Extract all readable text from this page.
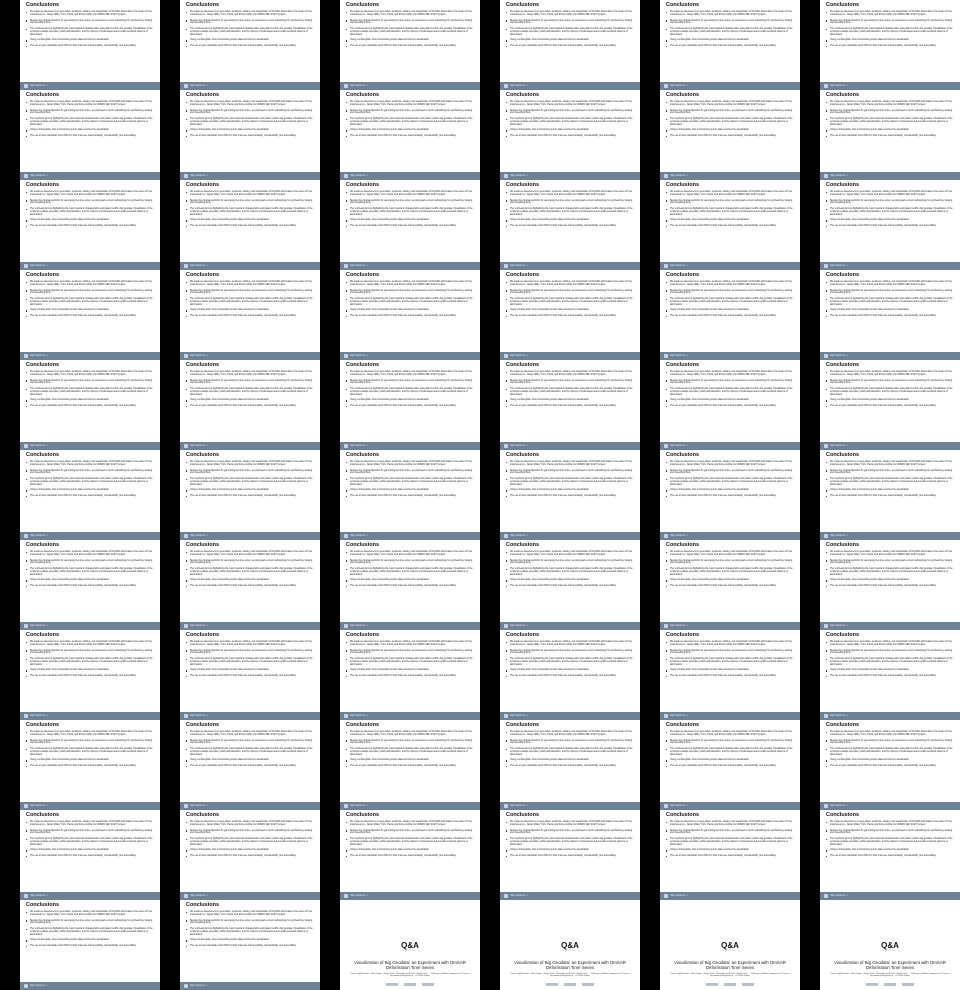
Conclusions
We made an assessment on generation, synthesis, sharing, and visualization of DInSAR deformation time series for five small areas (i.e. Nepal, Milan, Turin, Pavia, and Rome) within the URBAN SEC SAR H project.
Besides the original algorithm for generating the time series, we proposed a novel methodology for synthesizing, sharing, and visualizing them.
The synthesis aims at highlighting the most important characteristics and patterns within big geodata. Visualization of the synthesis enables scientists, public administration, and the citizens of small areas detect spatio-temporal patterns of deformation.
Using a virtual globe, thus incorporating terrain data enriches the visualization.
The use of open standards and FOSS for Web improves interoperability, reproducibility, and accessibility.
http://polimi.it/.../...
Conclusions
We made an assessment on generation, synthesis, sharing, and visualization of DInSAR deformation time series for five small areas (i.e. Nepal, Milan, Turin, Pavia, and Rome) within the URBAN SEC SAR H project.
Besides the original algorithm for generating the time series, we proposed a novel methodology for synthesizing, sharing, and visualizing them.
The synthesis aims at highlighting the most important characteristics and patterns within big geodata. Visualization of the synthesis enables scientists, public administration, and the citizens of small areas detect spatio-temporal patterns of deformation.
Using a virtual globe, thus incorporating terrain data enriches the visualization.
The use of open standards and FOSS for Web improves interoperability, reproducibility, and accessibility.
http://polimi.it/.../...
Conclusions
We made an assessment on generation, synthesis, sharing, and visualization of DInSAR deformation time series for five small areas (i.e. Nepal, Milan, Turin, Pavia, and Rome) within the URBAN SEC SAR H project.
Besides the original algorithm for generating the time series, we proposed a novel methodology for synthesizing, sharing, and visualizing them.
The synthesis aims at highlighting the most important characteristics and patterns within big geodata. Visualization of the synthesis enables scientists, public administration, and the citizens of small areas detect spatio-temporal patterns of deformation.
Using a virtual globe, thus incorporating terrain data enriches the visualization.
The use of open standards and FOSS for Web improves interoperability, reproducibility, and accessibility.
http://polimi.it/.../...
Conclusions
We made an assessment on generation, synthesis, sharing, and visualization of DInSAR deformation time series for five small areas (i.e. Nepal, Milan, Turin, Pavia, and Rome) within the URBAN SEC SAR H project.
Besides the original algorithm for generating the time series, we proposed a novel methodology for synthesizing, sharing, and visualizing them.
The synthesis aims at highlighting the most important characteristics and patterns within big geodata. Visualization of the synthesis enables scientists, public administration, and the citizens of small areas detect spatio-temporal patterns of deformation.
Using a virtual globe, thus incorporating terrain data enriches the visualization.
The use of open standards and FOSS for Web improves interoperability, reproducibility, and accessibility.
http://polimi.it/.../...
Conclusions
We made an assessment on generation, synthesis, sharing, and visualization of DInSAR deformation time series for five small areas (i.e. Nepal, Milan, Turin, Pavia, and Rome) within the URBAN SEC SAR H project.
Besides the original algorithm for generating the time series, we proposed a novel methodology for synthesizing, sharing, and visualizing them.
The synthesis aims at highlighting the most important characteristics and patterns within big geodata. Visualization of the synthesis enables scientists, public administration, and the citizens of small areas detect spatio-temporal patterns of deformation.
Using a virtual globe, thus incorporating terrain data enriches the visualization.
The use of open standards and FOSS for Web improves interoperability, reproducibility, and accessibility.
http://polimi.it/.../...
Conclusions
We made an assessment on generation, synthesis, sharing, and visualization of DInSAR deformation time series for five small areas (i.e. Nepal, Milan, Turin, Pavia, and Rome) within the URBAN SEC SAR H project.
Besides the original algorithm for generating the time series, we proposed a novel methodology for synthesizing, sharing, and visualizing them.
The synthesis aims at highlighting the most important characteristics and patterns within big geodata. Visualization of the synthesis enables scientists, public administration, and the citizens of small areas detect spatio-temporal patterns of deformation.
Using a virtual globe, thus incorporating terrain data enriches the visualization.
The use of open standards and FOSS for Web improves interoperability, reproducibility, and accessibility.
http://polimi.it/.../...
Conclusions
We made an assessment on generation, synthesis, sharing, and visualization of DInSAR deformation time series for five small areas (i.e. Nepal, Milan, Turin, Pavia, and Rome) within the URBAN SEC SAR H project.
Besides the original algorithm for generating the time series, we proposed a novel methodology for synthesizing, sharing, and visualizing them.
The synthesis aims at highlighting the most important characteristics and patterns within big geodata. Visualization of the synthesis enables scientists, public administration, and the citizens of small areas detect spatio-temporal patterns of deformation.
Using a virtual globe, thus incorporating terrain data enriches the visualization.
The use of open standards and FOSS for Web improves interoperability, reproducibility, and accessibility.
http://polimi.it/.../...
Conclusions
We made an assessment on generation, synthesis, sharing, and visualization of DInSAR deformation time series for five small areas (i.e. Nepal, Milan, Turin, Pavia, and Rome) within the URBAN SEC SAR H project.
Besides the original algorithm for generating the time series, we proposed a novel methodology for synthesizing, sharing, and visualizing them.
The synthesis aims at highlighting the most important characteristics and patterns within big geodata. Visualization of the synthesis enables scientists, public administration, and the citizens of small areas detect spatio-temporal patterns of deformation.
Using a virtual globe, thus incorporating terrain data enriches the visualization.
The use of open standards and FOSS for Web improves interoperability, reproducibility, and accessibility.
http://polimi.it/.../...
Conclusions
We made an assessment on generation, synthesis, sharing, and visualization of DInSAR deformation time series for five small areas (i.e. Nepal, Milan, Turin, Pavia, and Rome) within the URBAN SEC SAR H project.
Besides the original algorithm for generating the time series, we proposed a novel methodology for synthesizing, sharing, and visualizing them.
The synthesis aims at highlighting the most important characteristics and patterns within big geodata. Visualization of the synthesis enables scientists, public administration, and the citizens of small areas detect spatio-temporal patterns of deformation.
Using a virtual globe, thus incorporating terrain data enriches the visualization.
The use of open standards and FOSS for Web improves interoperability, reproducibility, and accessibility.
http://polimi.it/.../...
Conclusions
We made an assessment on generation, synthesis, sharing, and visualization of DInSAR deformation time series for five small areas (i.e. Nepal, Milan, Turin, Pavia, and Rome) within the URBAN SEC SAR H project.
Besides the original algorithm for generating the time series, we proposed a novel methodology for synthesizing, sharing, and visualizing them.
The synthesis aims at highlighting the most important characteristics and patterns within big geodata. Visualization of the synthesis enables scientists, public administration, and the citizens of small areas detect spatio-temporal patterns of deformation.
Using a virtual globe, thus incorporating terrain data enriches the visualization.
The use of open standards and FOSS for Web improves interoperability, reproducibility, and accessibility.
http://polimi.it/.../...
Conclusions
We made an assessment on generation, synthesis, sharing, and visualization of DInSAR deformation time series for five small areas (i.e. Nepal, Milan, Turin, Pavia, and Rome) within the URBAN SEC SAR H project.
Besides the original algorithm for generating the time series, we proposed a novel methodology for synthesizing, sharing, and visualizing them.
The synthesis aims at highlighting the most important characteristics and patterns within big geodata. Visualization of the synthesis enables scientists, public administration, and the citizens of small areas detect spatio-temporal patterns of deformation.
Using a virtual globe, thus incorporating terrain data enriches the visualization.
The use of open standards and FOSS for Web improves interoperability, reproducibility, and accessibility.
http://polimi.it/.../...
Conclusions
We made an assessment on generation, synthesis, sharing, and visualization of DInSAR deformation time series for five small areas (i.e. Nepal, Milan, Turin, Pavia, and Rome) within the URBAN SEC SAR H project.
Besides the original algorithm for generating the time series, we proposed a novel methodology for synthesizing, sharing, and visualizing them.
The synthesis aims at highlighting the most important characteristics and patterns within big geodata. Visualization of the synthesis enables scientists, public administration, and the citizens of small areas detect spatio-temporal patterns of deformation.
Using a virtual globe, thus incorporating terrain data enriches the visualization.
The use of open standards and FOSS for Web improves interoperability, reproducibility, and accessibility.
http://polimi.it/.../...
Conclusions
We made an assessment on generation, synthesis, sharing, and visualization of DInSAR deformation time series for five small areas (i.e. Nepal, Milan, Turin, Pavia, and Rome) within the URBAN SEC SAR H project.
Besides the original algorithm for generating the time series, we proposed a novel methodology for synthesizing, sharing, and visualizing them.
The synthesis aims at highlighting the most important characteristics and patterns within big geodata. Visualization of the synthesis enables scientists, public administration, and the citizens of small areas detect spatio-temporal patterns of deformation.
Using a virtual globe, thus incorporating terrain data enriches the visualization.
The use of open standards and FOSS for Web improves interoperability, reproducibility, and accessibility.
http://polimi.it/.../...
Conclusions
We made an assessment on generation, synthesis, sharing, and visualization of DInSAR deformation time series for five small areas (i.e. Nepal, Milan, Turin, Pavia, and Rome) within the URBAN SEC SAR H project.
Besides the original algorithm for generating the time series, we proposed a novel methodology for synthesizing, sharing, and visualizing them.
The synthesis aims at highlighting the most important characteristics and patterns within big geodata. Visualization of the synthesis enables scientists, public administration, and the citizens of small areas detect spatio-temporal patterns of deformation.
Using a virtual globe, thus incorporating terrain data enriches the visualization.
The use of open standards and FOSS for Web improves interoperability, reproducibility, and accessibility.
http://polimi.it/.../...
Conclusions
We made an assessment on generation, synthesis, sharing, and visualization of DInSAR deformation time series for five small areas (i.e. Nepal, Milan, Turin, Pavia, and Rome) within the URBAN SEC SAR H project.
Besides the original algorithm for generating the time series, we proposed a novel methodology for synthesizing, sharing, and visualizing them.
The synthesis aims at highlighting the most important characteristics and patterns within big geodata. Visualization of the synthesis enables scientists, public administration, and the citizens of small areas detect spatio-temporal patterns of deformation.
Using a virtual globe, thus incorporating terrain data enriches the visualization.
The use of open standards and FOSS for Web improves interoperability, reproducibility, and accessibility.
http://polimi.it/.../...
Conclusions
We made an assessment on generation, synthesis, sharing, and visualization of DInSAR deformation time series for five small areas (i.e. Nepal, Milan, Turin, Pavia, and Rome) within the URBAN SEC SAR H project.
Besides the original algorithm for generating the time series, we proposed a novel methodology for synthesizing, sharing, and visualizing them.
The synthesis aims at highlighting the most important characteristics and patterns within big geodata. Visualization of the synthesis enables scientists, public administration, and the citizens of small areas detect spatio-temporal patterns of deformation.
Using a virtual globe, thus incorporating terrain data enriches the visualization.
The use of open standards and FOSS for Web improves interoperability, reproducibility, and accessibility.
http://polimi.it/.../...
Conclusions
We made an assessment on generation, synthesis, sharing, and visualization of DInSAR deformation time series for five small areas (i.e. Nepal, Milan, Turin, Pavia, and Rome) within the URBAN SEC SAR H project.
Besides the original algorithm for generating the time series, we proposed a novel methodology for synthesizing, sharing, and visualizing them.
The synthesis aims at highlighting the most important characteristics and patterns within big geodata. Visualization of the synthesis enables scientists, public administration, and the citizens of small areas detect spatio-temporal patterns of deformation.
Using a virtual globe, thus incorporating terrain data enriches the visualization.
The use of open standards and FOSS for Web improves interoperability, reproducibility, and accessibility.
http://polimi.it/.../...
Conclusions
We made an assessment on generation, synthesis, sharing, and visualization of DInSAR deformation time series for five small areas (i.e. Nepal, Milan, Turin, Pavia, and Rome) within the URBAN SEC SAR H project.
Besides the original algorithm for generating the time series, we proposed a novel methodology for synthesizing, sharing, and visualizing them.
The synthesis aims at highlighting the most important characteristics and patterns within big geodata. Visualization of the synthesis enables scientists, public administration, and the citizens of small areas detect spatio-temporal patterns of deformation.
Using a virtual globe, thus incorporating terrain data enriches the visualization.
The use of open standards and FOSS for Web improves interoperability, reproducibility, and accessibility.
http://polimi.it/.../...
Conclusions
We made an assessment on generation, synthesis, sharing, and visualization of DInSAR deformation time series for five small areas (i.e. Nepal, Milan, Turin, Pavia, and Rome) within the URBAN SEC SAR H project.
Besides the original algorithm for generating the time series, we proposed a novel methodology for synthesizing, sharing, and visualizing them.
The synthesis aims at highlighting the most important characteristics and patterns within big geodata. Visualization of the synthesis enables scientists, public administration, and the citizens of small areas detect spatio-temporal patterns of deformation.
Using a virtual globe, thus incorporating terrain data enriches the visualization.
The use of open standards and FOSS for Web improves interoperability, reproducibility, and accessibility.
http://polimi.it/.../...
Conclusions
We made an assessment on generation, synthesis, sharing, and visualization of DInSAR deformation time series for five small areas (i.e. Nepal, Milan, Turin, Pavia, and Rome) within the URBAN SEC SAR H project.
Besides the original algorithm for generating the time series, we proposed a novel methodology for synthesizing, sharing, and visualizing them.
The synthesis aims at highlighting the most important characteristics and patterns within big geodata. Visualization of the synthesis enables scientists, public administration, and the citizens of small areas detect spatio-temporal patterns of deformation.
Using a virtual globe, thus incorporating terrain data enriches the visualization.
The use of open standards and FOSS for Web improves interoperability, reproducibility, and accessibility.
http://polimi.it/.../...
Conclusions
We made an assessment on generation, synthesis, sharing, and visualization of DInSAR deformation time series for five small areas (i.e. Nepal, Milan, Turin, Pavia, and Rome) within the URBAN SEC SAR H project.
Besides the original algorithm for generating the time series, we proposed a novel methodology for synthesizing, sharing, and visualizing them.
The synthesis aims at highlighting the most important characteristics and patterns within big geodata. Visualization of the synthesis enables scientists, public administration, and the citizens of small areas detect spatio-temporal patterns of deformation.
Using a virtual globe, thus incorporating terrain data enriches the visualization.
The use of open standards and FOSS for Web improves interoperability, reproducibility, and accessibility.
http://polimi.it/.../...
Conclusions
We made an assessment on generation, synthesis, sharing, and visualization of DInSAR deformation time series for five small areas (i.e. Nepal, Milan, Turin, Pavia, and Rome) within the URBAN SEC SAR H project.
Besides the original algorithm for generating the time series, we proposed a novel methodology for synthesizing, sharing, and visualizing them.
The synthesis aims at highlighting the most important characteristics and patterns within big geodata. Visualization of the synthesis enables scientists, public administration, and the citizens of small areas detect spatio-temporal patterns of deformation.
Using a virtual globe, thus incorporating terrain data enriches the visualization.
The use of open standards and FOSS for Web improves interoperability, reproducibility, and accessibility.
http://polimi.it/.../...
Conclusions
We made an assessment on generation, synthesis, sharing, and visualization of DInSAR deformation time series for five small areas (i.e. Nepal, Milan, Turin, Pavia, and Rome) within the URBAN SEC SAR H project.
Besides the original algorithm for generating the time series, we proposed a novel methodology for synthesizing, sharing, and visualizing them.
The synthesis aims at highlighting the most important characteristics and patterns within big geodata. Visualization of the synthesis enables scientists, public administration, and the citizens of small areas detect spatio-temporal patterns of deformation.
Using a virtual globe, thus incorporating terrain data enriches the visualization.
The use of open standards and FOSS for Web improves interoperability, reproducibility, and accessibility.
http://polimi.it/.../...
Conclusions
We made an assessment on generation, synthesis, sharing, and visualization of DInSAR deformation time series for five small areas (i.e. Nepal, Milan, Turin, Pavia, and Rome) within the URBAN SEC SAR H project.
Besides the original algorithm for generating the time series, we proposed a novel methodology for synthesizing, sharing, and visualizing them.
The synthesis aims at highlighting the most important characteristics and patterns within big geodata. Visualization of the synthesis enables scientists, public administration, and the citizens of small areas detect spatio-temporal patterns of deformation.
Using a virtual globe, thus incorporating terrain data enriches the visualization.
The use of open standards and FOSS for Web improves interoperability, reproducibility, and accessibility.
http://polimi.it/.../...
Conclusions
We made an assessment on generation, synthesis, sharing, and visualization of DInSAR deformation time series for five small areas (i.e. Nepal, Milan, Turin, Pavia, and Rome) within the URBAN SEC SAR H project.
Besides the original algorithm for generating the time series, we proposed a novel methodology for synthesizing, sharing, and visualizing them.
The synthesis aims at highlighting the most important characteristics and patterns within big geodata. Visualization of the synthesis enables scientists, public administration, and the citizens of small areas detect spatio-temporal patterns of deformation.
Using a virtual globe, thus incorporating terrain data enriches the visualization.
The use of open standards and FOSS for Web improves interoperability, reproducibility, and accessibility.
http://polimi.it/.../...
Conclusions
We made an assessment on generation, synthesis, sharing, and visualization of DInSAR deformation time series for five small areas (i.e. Nepal, Milan, Turin, Pavia, and Rome) within the URBAN SEC SAR H project.
Besides the original algorithm for generating the time series, we proposed a novel methodology for synthesizing, sharing, and visualizing them.
The synthesis aims at highlighting the most important characteristics and patterns within big geodata. Visualization of the synthesis enables scientists, public administration, and the citizens of small areas detect spatio-temporal patterns of deformation.
Using a virtual globe, thus incorporating terrain data enriches the visualization.
The use of open standards and FOSS for Web improves interoperability, reproducibility, and accessibility.
http://polimi.it/.../...
Conclusions
We made an assessment on generation, synthesis, sharing, and visualization of DInSAR deformation time series for five small areas (i.e. Nepal, Milan, Turin, Pavia, and Rome) within the URBAN SEC SAR H project.
Besides the original algorithm for generating the time series, we proposed a novel methodology for synthesizing, sharing, and visualizing them.
The synthesis aims at highlighting the most important characteristics and patterns within big geodata. Visualization of the synthesis enables scientists, public administration, and the citizens of small areas detect spatio-temporal patterns of deformation.
Using a virtual globe, thus incorporating terrain data enriches the visualization.
The use of open standards and FOSS for Web improves interoperability, reproducibility, and accessibility.
http://polimi.it/.../...
Conclusions
We made an assessment on generation, synthesis, sharing, and visualization of DInSAR deformation time series for five small areas (i.e. Nepal, Milan, Turin, Pavia, and Rome) within the URBAN SEC SAR H project.
Besides the original algorithm for generating the time series, we proposed a novel methodology for synthesizing, sharing, and visualizing them.
The synthesis aims at highlighting the most important characteristics and patterns within big geodata. Visualization of the synthesis enables scientists, public administration, and the citizens of small areas detect spatio-temporal patterns of deformation.
Using a virtual globe, thus incorporating terrain data enriches the visualization.
The use of open standards and FOSS for Web improves interoperability, reproducibility, and accessibility.
http://polimi.it/.../...
Conclusions
We made an assessment on generation, synthesis, sharing, and visualization of DInSAR deformation time series for five small areas (i.e. Nepal, Milan, Turin, Pavia, and Rome) within the URBAN SEC SAR H project.
Besides the original algorithm for generating the time series, we proposed a novel methodology for synthesizing, sharing, and visualizing them.
The synthesis aims at highlighting the most important characteristics and patterns within big geodata. Visualization of the synthesis enables scientists, public administration, and the citizens of small areas detect spatio-temporal patterns of deformation.
Using a virtual globe, thus incorporating terrain data enriches the visualization.
The use of open standards and FOSS for Web improves interoperability, reproducibility, and accessibility.
http://polimi.it/.../...
Conclusions
We made an assessment on generation, synthesis, sharing, and visualization of DInSAR deformation time series for five small areas (i.e. Nepal, Milan, Turin, Pavia, and Rome) within the URBAN SEC SAR H project.
Besides the original algorithm for generating the time series, we proposed a novel methodology for synthesizing, sharing, and visualizing them.
The synthesis aims at highlighting the most important characteristics and patterns within big geodata. Visualization of the synthesis enables scientists, public administration, and the citizens of small areas detect spatio-temporal patterns of deformation.
Using a virtual globe, thus incorporating terrain data enriches the visualization.
The use of open standards and FOSS for Web improves interoperability, reproducibility, and accessibility.
http://polimi.it/.../...
Conclusions
We made an assessment on generation, synthesis, sharing, and visualization of DInSAR deformation time series for five small areas (i.e. Nepal, Milan, Turin, Pavia, and Rome) within the URBAN SEC SAR H project.
Besides the original algorithm for generating the time series, we proposed a novel methodology for synthesizing, sharing, and visualizing them.
The synthesis aims at highlighting the most important characteristics and patterns within big geodata. Visualization of the synthesis enables scientists, public administration, and the citizens of small areas detect spatio-temporal patterns of deformation.
Using a virtual globe, thus incorporating terrain data enriches the visualization.
The use of open standards and FOSS for Web improves interoperability, reproducibility, and accessibility.
http://polimi.it/.../...
Conclusions
We made an assessment on generation, synthesis, sharing, and visualization of DInSAR deformation time series for five small areas (i.e. Nepal, Milan, Turin, Pavia, and Rome) within the URBAN SEC SAR H project.
Besides the original algorithm for generating the time series, we proposed a novel methodology for synthesizing, sharing, and visualizing them.
The synthesis aims at highlighting the most important characteristics and patterns within big geodata. Visualization of the synthesis enables scientists, public administration, and the citizens of small areas detect spatio-temporal patterns of deformation.
Using a virtual globe, thus incorporating terrain data enriches the visualization.
The use of open standards and FOSS for Web improves interoperability, reproducibility, and accessibility.
http://polimi.it/.../...
Conclusions
We made an assessment on generation, synthesis, sharing, and visualization of DInSAR deformation time series for five small areas (i.e. Nepal, Milan, Turin, Pavia, and Rome) within the URBAN SEC SAR H project.
Besides the original algorithm for generating the time series, we proposed a novel methodology for synthesizing, sharing, and visualizing them.
The synthesis aims at highlighting the most important characteristics and patterns within big geodata. Visualization of the synthesis enables scientists, public administration, and the citizens of small areas detect spatio-temporal patterns of deformation.
Using a virtual globe, thus incorporating terrain data enriches the visualization.
The use of open standards and FOSS for Web improves interoperability, reproducibility, and accessibility.
http://polimi.it/.../...
Conclusions
We made an assessment on generation, synthesis, sharing, and visualization of DInSAR deformation time series for five small areas (i.e. Nepal, Milan, Turin, Pavia, and Rome) within the URBAN SEC SAR H project.
Besides the original algorithm for generating the time series, we proposed a novel methodology for synthesizing, sharing, and visualizing them.
The synthesis aims at highlighting the most important characteristics and patterns within big geodata. Visualization of the synthesis enables scientists, public administration, and the citizens of small areas detect spatio-temporal patterns of deformation.
Using a virtual globe, thus incorporating terrain data enriches the visualization.
The use of open standards and FOSS for Web improves interoperability, reproducibility, and accessibility.
http://polimi.it/.../...
Conclusions
We made an assessment on generation, synthesis, sharing, and visualization of DInSAR deformation time series for five small areas (i.e. Nepal, Milan, Turin, Pavia, and Rome) within the URBAN SEC SAR H project.
Besides the original algorithm for generating the time series, we proposed a novel methodology for synthesizing, sharing, and visualizing them.
The synthesis aims at highlighting the most important characteristics and patterns within big geodata. Visualization of the synthesis enables scientists, public administration, and the citizens of small areas detect spatio-temporal patterns of deformation.
Using a virtual globe, thus incorporating terrain data enriches the visualization.
The use of open standards and FOSS for Web improves interoperability, reproducibility, and accessibility.
http://polimi.it/.../...
Conclusions
We made an assessment on generation, synthesis, sharing, and visualization of DInSAR deformation time series for five small areas (i.e. Nepal, Milan, Turin, Pavia, and Rome) within the URBAN SEC SAR H project.
Besides the original algorithm for generating the time series, we proposed a novel methodology for synthesizing, sharing, and visualizing them.
The synthesis aims at highlighting the most important characteristics and patterns within big geodata. Visualization of the synthesis enables scientists, public administration, and the citizens of small areas detect spatio-temporal patterns of deformation.
Using a virtual globe, thus incorporating terrain data enriches the visualization.
The use of open standards and FOSS for Web improves interoperability, reproducibility, and accessibility.
http://polimi.it/.../...
Conclusions
We made an assessment on generation, synthesis, sharing, and visualization of DInSAR deformation time series for five small areas (i.e. Nepal, Milan, Turin, Pavia, and Rome) within the URBAN SEC SAR H project.
Besides the original algorithm for generating the time series, we proposed a novel methodology for synthesizing, sharing, and visualizing them.
The synthesis aims at highlighting the most important characteristics and patterns within big geodata. Visualization of the synthesis enables scientists, public administration, and the citizens of small areas detect spatio-temporal patterns of deformation.
Using a virtual globe, thus incorporating terrain data enriches the visualization.
The use of open standards and FOSS for Web improves interoperability, reproducibility, and accessibility.
http://polimi.it/.../...
Conclusions
We made an assessment on generation, synthesis, sharing, and visualization of DInSAR deformation time series for five small areas (i.e. Nepal, Milan, Turin, Pavia, and Rome) within the URBAN SEC SAR H project.
Besides the original algorithm for generating the time series, we proposed a novel methodology for synthesizing, sharing, and visualizing them.
The synthesis aims at highlighting the most important characteristics and patterns within big geodata. Visualization of the synthesis enables scientists, public administration, and the citizens of small areas detect spatio-temporal patterns of deformation.
Using a virtual globe, thus incorporating terrain data enriches the visualization.
The use of open standards and FOSS for Web improves interoperability, reproducibility, and accessibility.
http://polimi.it/.../...
Conclusions
We made an assessment on generation, synthesis, sharing, and visualization of DInSAR deformation time series for five small areas (i.e. Nepal, Milan, Turin, Pavia, and Rome) within the URBAN SEC SAR H project.
Besides the original algorithm for generating the time series, we proposed a novel methodology for synthesizing, sharing, and visualizing them.
The synthesis aims at highlighting the most important characteristics and patterns within big geodata. Visualization of the synthesis enables scientists, public administration, and the citizens of small areas detect spatio-temporal patterns of deformation.
Using a virtual globe, thus incorporating terrain data enriches the visualization.
The use of open standards and FOSS for Web improves interoperability, reproducibility, and accessibility.
http://polimi.it/.../...
Conclusions
We made an assessment on generation, synthesis, sharing, and visualization of DInSAR deformation time series for five small areas (i.e. Nepal, Milan, Turin, Pavia, and Rome) within the URBAN SEC SAR H project.
Besides the original algorithm for generating the time series, we proposed a novel methodology for synthesizing, sharing, and visualizing them.
The synthesis aims at highlighting the most important characteristics and patterns within big geodata. Visualization of the synthesis enables scientists, public administration, and the citizens of small areas detect spatio-temporal patterns of deformation.
Using a virtual globe, thus incorporating terrain data enriches the visualization.
The use of open standards and FOSS for Web improves interoperability, reproducibility, and accessibility.
http://polimi.it/.../...
Conclusions
We made an assessment on generation, synthesis, sharing, and visualization of DInSAR deformation time series for five small areas (i.e. Nepal, Milan, Turin, Pavia, and Rome) within the URBAN SEC SAR H project.
Besides the original algorithm for generating the time series, we proposed a novel methodology for synthesizing, sharing, and visualizing them.
The synthesis aims at highlighting the most important characteristics and patterns within big geodata. Visualization of the synthesis enables scientists, public administration, and the citizens of small areas detect spatio-temporal patterns of deformation.
Using a virtual globe, thus incorporating terrain data enriches the visualization.
The use of open standards and FOSS for Web improves interoperability, reproducibility, and accessibility.
http://polimi.it/.../...
Conclusions
We made an assessment on generation, synthesis, sharing, and visualization of DInSAR deformation time series for five small areas (i.e. Nepal, Milan, Turin, Pavia, and Rome) within the URBAN SEC SAR H project.
Besides the original algorithm for generating the time series, we proposed a novel methodology for synthesizing, sharing, and visualizing them.
The synthesis aims at highlighting the most important characteristics and patterns within big geodata. Visualization of the synthesis enables scientists, public administration, and the citizens of small areas detect spatio-temporal patterns of deformation.
Using a virtual globe, thus incorporating terrain data enriches the visualization.
The use of open standards and FOSS for Web improves interoperability, reproducibility, and accessibility.
http://polimi.it/.../...
Conclusions
We made an assessment on generation, synthesis, sharing, and visualization of DInSAR deformation time series for five small areas (i.e. Nepal, Milan, Turin, Pavia, and Rome) within the URBAN SEC SAR H project.
Besides the original algorithm for generating the time series, we proposed a novel methodology for synthesizing, sharing, and visualizing them.
The synthesis aims at highlighting the most important characteristics and patterns within big geodata. Visualization of the synthesis enables scientists, public administration, and the citizens of small areas detect spatio-temporal patterns of deformation.
Using a virtual globe, thus incorporating terrain data enriches the visualization.
The use of open standards and FOSS for Web improves interoperability, reproducibility, and accessibility.
http://polimi.it/.../...
Conclusions
We made an assessment on generation, synthesis, sharing, and visualization of DInSAR deformation time series for five small areas (i.e. Nepal, Milan, Turin, Pavia, and Rome) within the URBAN SEC SAR H project.
Besides the original algorithm for generating the time series, we proposed a novel methodology for synthesizing, sharing, and visualizing them.
The synthesis aims at highlighting the most important characteristics and patterns within big geodata. Visualization of the synthesis enables scientists, public administration, and the citizens of small areas detect spatio-temporal patterns of deformation.
Using a virtual globe, thus incorporating terrain data enriches the visualization.
The use of open standards and FOSS for Web improves interoperability, reproducibility, and accessibility.
http://polimi.it/.../...
Conclusions
We made an assessment on generation, synthesis, sharing, and visualization of DInSAR deformation time series for five small areas (i.e. Nepal, Milan, Turin, Pavia, and Rome) within the URBAN SEC SAR H project.
Besides the original algorithm for generating the time series, we proposed a novel methodology for synthesizing, sharing, and visualizing them.
The synthesis aims at highlighting the most important characteristics and patterns within big geodata. Visualization of the synthesis enables scientists, public administration, and the citizens of small areas detect spatio-temporal patterns of deformation.
Using a virtual globe, thus incorporating terrain data enriches the visualization.
The use of open standards and FOSS for Web improves interoperability, reproducibility, and accessibility.
http://polimi.it/.../...
Conclusions
We made an assessment on generation, synthesis, sharing, and visualization of DInSAR deformation time series for five small areas (i.e. Nepal, Milan, Turin, Pavia, and Rome) within the URBAN SEC SAR H project.
Besides the original algorithm for generating the time series, we proposed a novel methodology for synthesizing, sharing, and visualizing them.
The synthesis aims at highlighting the most important characteristics and patterns within big geodata. Visualization of the synthesis enables scientists, public administration, and the citizens of small areas detect spatio-temporal patterns of deformation.
Using a virtual globe, thus incorporating terrain data enriches the visualization.
The use of open standards and FOSS for Web improves interoperability, reproducibility, and accessibility.
http://polimi.it/.../...
Conclusions
We made an assessment on generation, synthesis, sharing, and visualization of DInSAR deformation time series for five small areas (i.e. Nepal, Milan, Turin, Pavia, and Rome) within the URBAN SEC SAR H project.
Besides the original algorithm for generating the time series, we proposed a novel methodology for synthesizing, sharing, and visualizing them.
The synthesis aims at highlighting the most important characteristics and patterns within big geodata. Visualization of the synthesis enables scientists, public administration, and the citizens of small areas detect spatio-temporal patterns of deformation.
Using a virtual globe, thus incorporating terrain data enriches the visualization.
The use of open standards and FOSS for Web improves interoperability, reproducibility, and accessibility.
http://polimi.it/.../...
Conclusions
We made an assessment on generation, synthesis, sharing, and visualization of DInSAR deformation time series for five small areas (i.e. Nepal, Milan, Turin, Pavia, and Rome) within the URBAN SEC SAR H project.
Besides the original algorithm for generating the time series, we proposed a novel methodology for synthesizing, sharing, and visualizing them.
The synthesis aims at highlighting the most important characteristics and patterns within big geodata. Visualization of the synthesis enables scientists, public administration, and the citizens of small areas detect spatio-temporal patterns of deformation.
Using a virtual globe, thus incorporating terrain data enriches the visualization.
The use of open standards and FOSS for Web improves interoperability, reproducibility, and accessibility.
http://polimi.it/.../...
Conclusions
We made an assessment on generation, synthesis, sharing, and visualization of DInSAR deformation time series for five small areas (i.e. Nepal, Milan, Turin, Pavia, and Rome) within the URBAN SEC SAR H project.
Besides the original algorithm for generating the time series, we proposed a novel methodology for synthesizing, sharing, and visualizing them.
The synthesis aims at highlighting the most important characteristics and patterns within big geodata. Visualization of the synthesis enables scientists, public administration, and the citizens of small areas detect spatio-temporal patterns of deformation.
Using a virtual globe, thus incorporating terrain data enriches the visualization.
The use of open standards and FOSS for Web improves interoperability, reproducibility, and accessibility.
http://polimi.it/.../...
Conclusions
We made an assessment on generation, synthesis, sharing, and visualization of DInSAR deformation time series for five small areas (i.e. Nepal, Milan, Turin, Pavia, and Rome) within the URBAN SEC SAR H project.
Besides the original algorithm for generating the time series, we proposed a novel methodology for synthesizing, sharing, and visualizing them.
The synthesis aims at highlighting the most important characteristics and patterns within big geodata. Visualization of the synthesis enables scientists, public administration, and the citizens of small areas detect spatio-temporal patterns of deformation.
Using a virtual globe, thus incorporating terrain data enriches the visualization.
The use of open standards and FOSS for Web improves interoperability, reproducibility, and accessibility.
http://polimi.it/.../...
Conclusions
We made an assessment on generation, synthesis, sharing, and visualization of DInSAR deformation time series for five small areas (i.e. Nepal, Milan, Turin, Pavia, and Rome) within the URBAN SEC SAR H project.
Besides the original algorithm for generating the time series, we proposed a novel methodology for synthesizing, sharing, and visualizing them.
The synthesis aims at highlighting the most important characteristics and patterns within big geodata. Visualization of the synthesis enables scientists, public administration, and the citizens of small areas detect spatio-temporal patterns of deformation.
Using a virtual globe, thus incorporating terrain data enriches the visualization.
The use of open standards and FOSS for Web improves interoperability, reproducibility, and accessibility.
http://polimi.it/.../...
Conclusions
We made an assessment on generation, synthesis, sharing, and visualization of DInSAR deformation time series for five small areas (i.e. Nepal, Milan, Turin, Pavia, and Rome) within the URBAN SEC SAR H project.
Besides the original algorithm for generating the time series, we proposed a novel methodology for synthesizing, sharing, and visualizing them.
The synthesis aims at highlighting the most important characteristics and patterns within big geodata. Visualization of the synthesis enables scientists, public administration, and the citizens of small areas detect spatio-temporal patterns of deformation.
Using a virtual globe, thus incorporating terrain data enriches the visualization.
The use of open standards and FOSS for Web improves interoperability, reproducibility, and accessibility.
http://polimi.it/.../...
Conclusions
We made an assessment on generation, synthesis, sharing, and visualization of DInSAR deformation time series for five small areas (i.e. Nepal, Milan, Turin, Pavia, and Rome) within the URBAN SEC SAR H project.
Besides the original algorithm for generating the time series, we proposed a novel methodology for synthesizing, sharing, and visualizing them.
The synthesis aims at highlighting the most important characteristics and patterns within big geodata. Visualization of the synthesis enables scientists, public administration, and the citizens of small areas detect spatio-temporal patterns of deformation.
Using a virtual globe, thus incorporating terrain data enriches the visualization.
The use of open standards and FOSS for Web improves interoperability, reproducibility, and accessibility.
http://polimi.it/.../...
Conclusions
We made an assessment on generation, synthesis, sharing, and visualization of DInSAR deformation time series for five small areas (i.e. Nepal, Milan, Turin, Pavia, and Rome) within the URBAN SEC SAR H project.
Besides the original algorithm for generating the time series, we proposed a novel methodology for synthesizing, sharing, and visualizing them.
The synthesis aims at highlighting the most important characteristics and patterns within big geodata. Visualization of the synthesis enables scientists, public administration, and the citizens of small areas detect spatio-temporal patterns of deformation.
Using a virtual globe, thus incorporating terrain data enriches the visualization.
The use of open standards and FOSS for Web improves interoperability, reproducibility, and accessibility.
http://polimi.it/.../...
Conclusions
We made an assessment on generation, synthesis, sharing, and visualization of DInSAR deformation time series for five small areas (i.e. Nepal, Milan, Turin, Pavia, and Rome) within the URBAN SEC SAR H project.
Besides the original algorithm for generating the time series, we proposed a novel methodology for synthesizing, sharing, and visualizing them.
The synthesis aims at highlighting the most important characteristics and patterns within big geodata. Visualization of the synthesis enables scientists, public administration, and the citizens of small areas detect spatio-temporal patterns of deformation.
Using a virtual globe, thus incorporating terrain data enriches the visualization.
The use of open standards and FOSS for Web improves interoperability, reproducibility, and accessibility.
http://polimi.it/.../...
Conclusions
We made an assessment on generation, synthesis, sharing, and visualization of DInSAR deformation time series for five small areas (i.e. Nepal, Milan, Turin, Pavia, and Rome) within the URBAN SEC SAR H project.
Besides the original algorithm for generating the time series, we proposed a novel methodology for synthesizing, sharing, and visualizing them.
The synthesis aims at highlighting the most important characteristics and patterns within big geodata. Visualization of the synthesis enables scientists, public administration, and the citizens of small areas detect spatio-temporal patterns of deformation.
Using a virtual globe, thus incorporating terrain data enriches the visualization.
The use of open standards and FOSS for Web improves interoperability, reproducibility, and accessibility.
http://polimi.it/.../...
Conclusions
We made an assessment on generation, synthesis, sharing, and visualization of DInSAR deformation time series for five small areas (i.e. Nepal, Milan, Turin, Pavia, and Rome) within the URBAN SEC SAR H project.
Besides the original algorithm for generating the time series, we proposed a novel methodology for synthesizing, sharing, and visualizing them.
The synthesis aims at highlighting the most important characteristics and patterns within big geodata. Visualization of the synthesis enables scientists, public administration, and the citizens of small areas detect spatio-temporal patterns of deformation.
Using a virtual globe, thus incorporating terrain data enriches the visualization.
The use of open standards and FOSS for Web improves interoperability, reproducibility, and accessibility.
http://polimi.it/.../...
Conclusions
We made an assessment on generation, synthesis, sharing, and visualization of DInSAR deformation time series for five small areas (i.e. Nepal, Milan, Turin, Pavia, and Rome) within the URBAN SEC SAR H project.
Besides the original algorithm for generating the time series, we proposed a novel methodology for synthesizing, sharing, and visualizing them.
The synthesis aims at highlighting the most important characteristics and patterns within big geodata. Visualization of the synthesis enables scientists, public administration, and the citizens of small areas detect spatio-temporal patterns of deformation.
Using a virtual globe, thus incorporating terrain data enriches the visualization.
The use of open standards and FOSS for Web improves interoperability, reproducibility, and accessibility.
http://polimi.it/.../...
Conclusions
We made an assessment on generation, synthesis, sharing, and visualization of DInSAR deformation time series for five small areas (i.e. Nepal, Milan, Turin, Pavia, and Rome) within the URBAN SEC SAR H project.
Besides the original algorithm for generating the time series, we proposed a novel methodology for synthesizing, sharing, and visualizing them.
The synthesis aims at highlighting the most important characteristics and patterns within big geodata. Visualization of the synthesis enables scientists, public administration, and the citizens of small areas detect spatio-temporal patterns of deformation.
Using a virtual globe, thus incorporating terrain data enriches the visualization.
The use of open standards and FOSS for Web improves interoperability, reproducibility, and accessibility.
http://polimi.it/.../...
Conclusions
We made an assessment on generation, synthesis, sharing, and visualization of DInSAR deformation time series for five small areas (i.e. Nepal, Milan, Turin, Pavia, and Rome) within the URBAN SEC SAR H project.
Besides the original algorithm for generating the time series, we proposed a novel methodology for synthesizing, sharing, and visualizing them.
The synthesis aims at highlighting the most important characteristics and patterns within big geodata. Visualization of the synthesis enables scientists, public administration, and the citizens of small areas detect spatio-temporal patterns of deformation.
Using a virtual globe, thus incorporating terrain data enriches the visualization.
The use of open standards and FOSS for Web improves interoperability, reproducibility, and accessibility.
http://polimi.it/.../...
Conclusions
We made an assessment on generation, synthesis, sharing, and visualization of DInSAR deformation time series for five small areas (i.e. Nepal, Milan, Turin, Pavia, and Rome) within the URBAN SEC SAR H project.
Besides the original algorithm for generating the time series, we proposed a novel methodology for synthesizing, sharing, and visualizing them.
The synthesis aims at highlighting the most important characteristics and patterns within big geodata. Visualization of the synthesis enables scientists, public administration, and the citizens of small areas detect spatio-temporal patterns of deformation.
Using a virtual globe, thus incorporating terrain data enriches the visualization.
The use of open standards and FOSS for Web improves interoperability, reproducibility, and accessibility.
http://polimi.it/.../...
Conclusions
We made an assessment on generation, synthesis, sharing, and visualization of DInSAR deformation time series for five small areas (i.e. Nepal, Milan, Turin, Pavia, and Rome) within the URBAN SEC SAR H project.
Besides the original algorithm for generating the time series, we proposed a novel methodology for synthesizing, sharing, and visualizing them.
The synthesis aims at highlighting the most important characteristics and patterns within big geodata. Visualization of the synthesis enables scientists, public administration, and the citizens of small areas detect spatio-temporal patterns of deformation.
Using a virtual globe, thus incorporating terrain data enriches the visualization.
The use of open standards and FOSS for Web improves interoperability, reproducibility, and accessibility.
http://polimi.it/.../...
Q&A
Visualization of Big Geodata: an Experiment with DInSAR Deformation Time Series
Candan Eylül Kilsedar · Mirko Frigeri · Giorgio Tosini · Maria Antonia Brovelli · Daniele Oxoli · ... Politecnico di Milano, Department of Civil and Environmental Engineering ... FOSS4G Europe
Q&A
Visualization of Big Geodata: an Experiment with DInSAR Deformation Time Series
Candan Eylül Kilsedar · Mirko Frigeri · Giorgio Tosini · Maria Antonia Brovelli · Daniele Oxoli · ... Politecnico di Milano, Department of Civil and Environmental Engineering ... FOSS4G Europe
Q&A
Visualization of Big Geodata: an Experiment with DInSAR Deformation Time Series
Candan Eylül Kilsedar · Mirko Frigeri · Giorgio Tosini · Maria Antonia Brovelli · Daniele Oxoli · ... Politecnico di Milano, Department of Civil and Environmental Engineering ... FOSS4G Europe
Q&A
Visualization of Big Geodata: an Experiment with DInSAR Deformation Time Series
Candan Eylül Kilsedar · Mirko Frigeri · Giorgio Tosini · Maria Antonia Brovelli · Daniele Oxoli · ... Politecnico di Milano, Department of Civil and Environmental Engineering ... FOSS4G Europe
